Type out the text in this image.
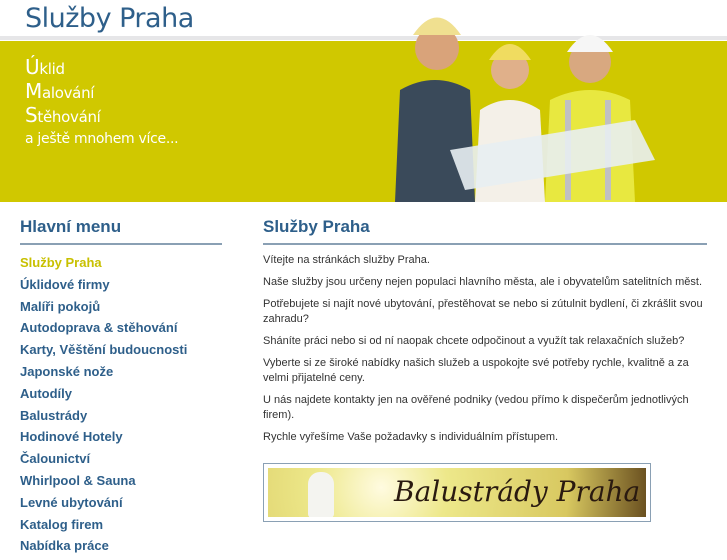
Služby Praha
Úklid
Malování
Stěhování
a ještě mnohem více...
Hlavní menu
Služby Praha
Úklidové firmy
Malíři pokojů
Autodoprava & stěhování
Karty, Věštění budoucnosti
Japonské nože
Autodíly
Balustrády
Hodinové Hotely
Čalounictví
Whirlpool & Sauna
Levné ubytování
Katalog firem
Nabídka práce
Služby Praha

Vítejte na stránkách služby Praha.

Naše služby jsou určeny nejen populaci hlavního města, ale i obyvatelům satelitních měst.

Potřebujete si najít nové ubytování, přestěhovat se nebo si zútulnit bydlení, či zkrášlit svou zahradu?

Sháníte práci nebo si od ní naopak chcete odpočinout a využít tak relaxačních služeb?

Vyberte si ze široké nabídky našich služeb a uspokojte své potřeby rychle, kvalitně a za velmi přijatelné ceny.

U nás najdete kontakty jen na ověřené podniky (vedou přímo k dispečerům jednotlivých firem).

Rychle vyřešíme Vaše požadavky s individuálním přístupem.

Balustrády Praha
